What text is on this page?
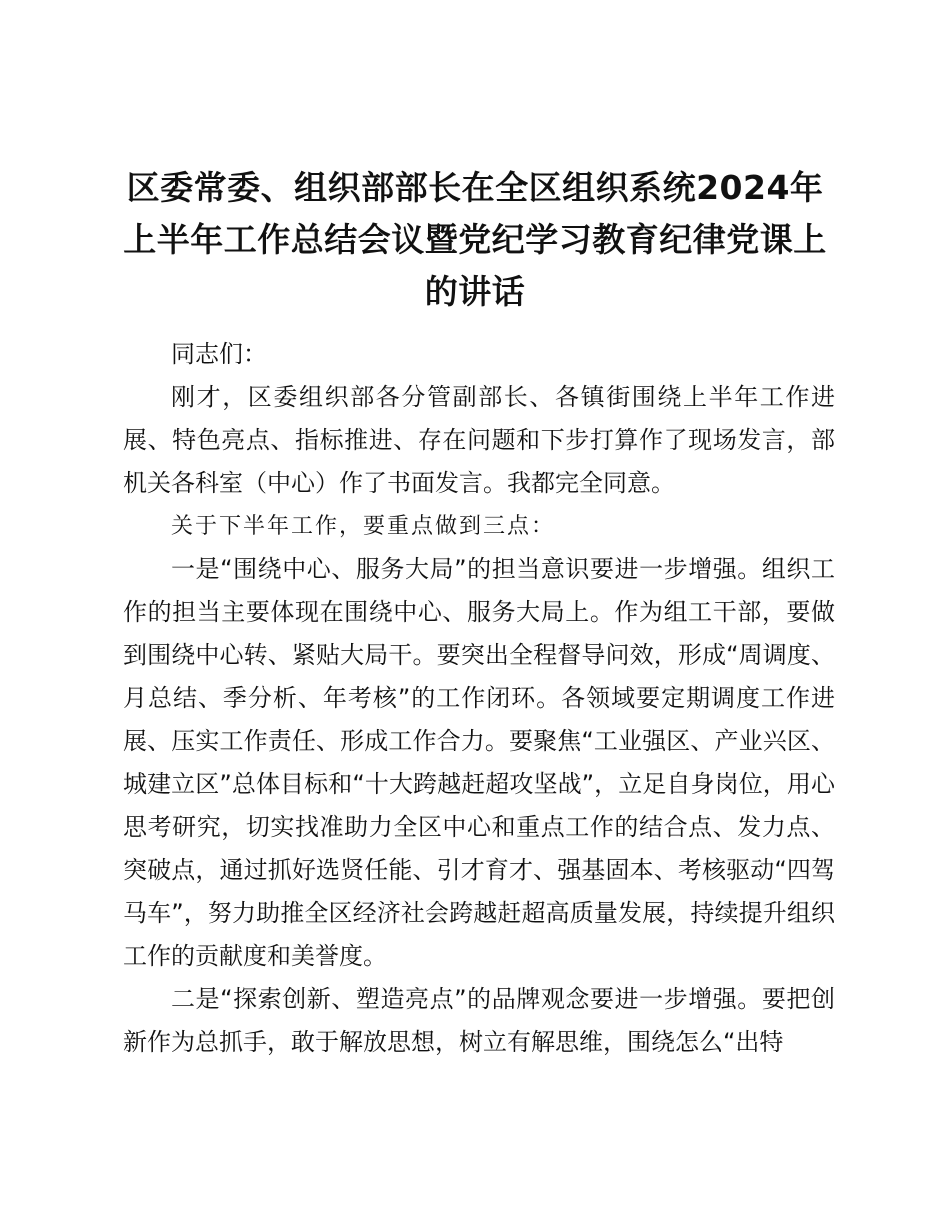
区委常委、组织部部长在全区组织系统2024年上半年工作总结会议暨党纪学习教育纪律党课上的讲话

同志们：

刚才，区委组织部各分管副部长、各镇街围绕上半年工作进展、特色亮点、指标推进、存在问题和下步打算作了现场发言，部机关各科室（中心）作了书面发言。我都完全同意。

关于下半年工作，要重点做到三点：

一是“围绕中心、服务大局”的担当意识要进一步增强。组织工作的担当主要体现在围绕中心、服务大局上。作为组工干部，要做到围绕中心转、紧贴大局干。要突出全程督导问效，形成“周调度、月总结、季分析、年考核”的工作闭环。各领域要定期调度工作进展、压实工作责任、形成工作合力。要聚焦“工业强区、产业兴区、城建立区”总体目标和“十大跨越赶超攻坚战”，立足自身岗位，用心思考研究，切实找准助力全区中心和重点工作的结合点、发力点、突破点，通过抓好选贤任能、引才育才、强基固本、考核驱动“四驾马车”，努力助推全区经济社会跨越赶超高质量发展，持续提升组织工作的贡献度和美誉度。

二是“探索创新、塑造亮点”的品牌观念要进一步增强。要把创新作为总抓手，敢于解放思想，树立有解思维，围绕怎么“出特
